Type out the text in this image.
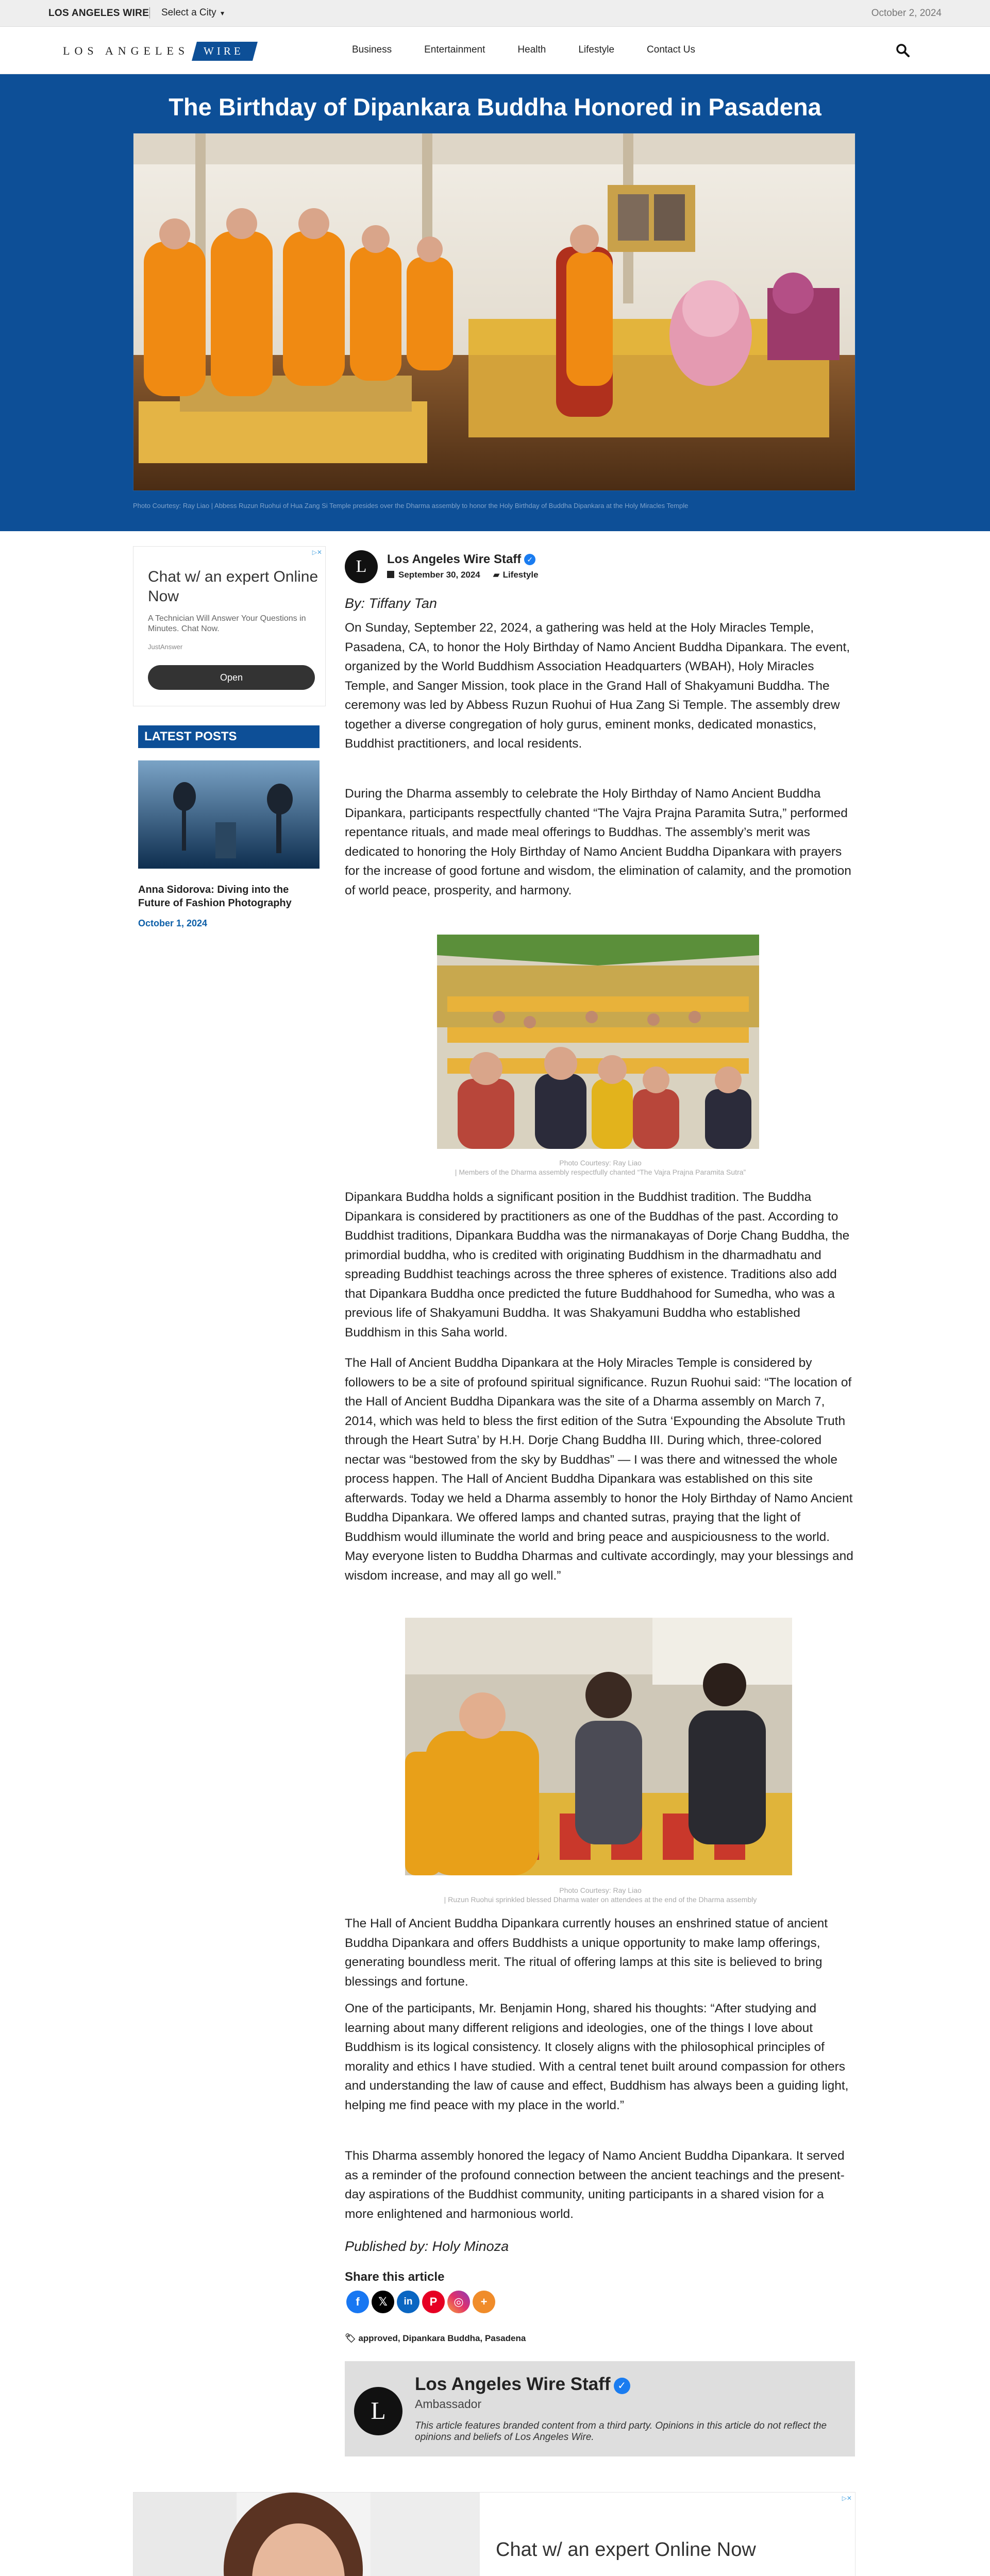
LOS ANGELES WIRE Select a City ▼	October 2, 2024
LOS ANGELES	WIRE	Business	Entertainment	Health	Lifestyle	Contact Us
The Birthday of Dipankara Buddha Honored in Pasadena
Photo Courtesy: Ray Liao | Abbess Ruzun Ruohui of Hua Zang Si Temple presides over the Dharma assembly to honor the Holy Birthday of Buddha Dipankara at the Holy Miracles Temple
▷✕
Chat w/ an expert Online Now
A Technician Will Answer Your Questions in Minutes. Chat Now.
JustAnswer
Open
LATEST POSTS
Anna Sidorova: Diving into the Future of Fashion Photography
October 1, 2024
L	Los Angeles Wire Staff ✓
September 30, 2024 ▰ Lifestyle
By: Tiffany Tan

On Sunday, September 22, 2024, a gathering was held at the Holy Miracles Temple, Pasadena, CA, to honor the Holy Birthday of Namo Ancient Buddha Dipankara. The event, organized by the World Buddhism Association Headquarters (WBAH), Holy Miracles Temple, and Sanger Mission, took place in the Grand Hall of Shakyamuni Buddha. The ceremony was led by Abbess Ruzun Ruohui of Hua Zang Si Temple. The assembly drew together a diverse congregation of holy gurus, eminent monks, dedicated monastics, Buddhist practitioners, and local residents.

During the Dharma assembly to celebrate the Holy Birthday of Namo Ancient Buddha Dipankara, participants respectfully chanted “The Vajra Prajna Paramita Sutra,” performed repentance rituals, and made meal offerings to Buddhas. The assembly’s merit was dedicated to honoring the Holy Birthday of Namo Ancient Buddha Dipankara with prayers for the increase of good fortune and wisdom, the elimination of calamity, and the promotion of world peace, prosperity, and harmony.

Photo Courtesy: Ray Liao
| Members of the Dharma assembly respectfully chanted “The Vajra Prajna Paramita Sutra”

Dipankara Buddha holds a significant position in the Buddhist tradition. The Buddha Dipankara is considered by practitioners as one of the Buddhas of the past. According to Buddhist traditions, Dipankara Buddha was the nirmanakayas of Dorje Chang Buddha, the primordial buddha, who is credited with originating Buddhism in the dharmadhatu and spreading Buddhist teachings across the three spheres of existence. Traditions also add that Dipankara Buddha once predicted the future Buddhahood for Sumedha, who was a previous life of Shakyamuni Buddha. It was Shakyamuni Buddha who established Buddhism in this Saha world.

The Hall of Ancient Buddha Dipankara at the Holy Miracles Temple is considered by followers to be a site of profound spiritual significance. Ruzun Ruohui said: “The location of the Hall of Ancient Buddha Dipankara was the site of a Dharma assembly on March 7, 2014, which was held to bless the first edition of the Sutra ‘Expounding the Absolute Truth through the Heart Sutra’ by H.H. Dorje Chang Buddha III. During which, three-colored nectar was “bestowed from the sky by Buddhas” — I was there and witnessed the whole process happen. The Hall of Ancient Buddha Dipankara was established on this site afterwards. Today we held a Dharma assembly to honor the Holy Birthday of Namo Ancient Buddha Dipankara. We offered lamps and chanted sutras, praying that the light of Buddhism would illuminate the world and bring peace and auspiciousness to the world. May everyone listen to Buddha Dharmas and cultivate accordingly, may your blessings and wisdom increase, and may all go well.”

Photo Courtesy: Ray Liao
| Ruzun Ruohui sprinkled blessed Dharma water on attendees at the end of the Dharma assembly

The Hall of Ancient Buddha Dipankara currently houses an enshrined statue of ancient Buddha Dipankara and offers Buddhists a unique opportunity to make lamp offerings, generating boundless merit. The ritual of offering lamps at this site is believed to bring blessings and fortune.

One of the participants, Mr. Benjamin Hong, shared his thoughts: “After studying and learning about many different religions and ideologies, one of the things I love about Buddhism is its logical consistency. It closely aligns with the philosophical principles of morality and ethics I have studied. With a central tenet built around compassion for others and understanding the law of cause and effect, Buddhism has always been a guiding light, helping me find peace with my place in the world.”

This Dharma assembly honored the legacy of Namo Ancient Buddha Dipankara. It served as a reminder of the profound connection between the ancient teachings and the present-day aspirations of the Buddhist community, uniting participants in a shared vision for a more enlightened and harmonious world.

Published by: Holy Minoza
Share this article
f	𝕏	in	P	◎	+
🏷︎ approved, Dipankara Buddha, Pasadena
L
Los Angeles Wire Staff ✓
Ambassador
This article features branded content from a third party. Opinions in this article do not reflect the opinions and beliefs of Los Angeles Wire.
▷✕
Chat w/ an expert Online Now
